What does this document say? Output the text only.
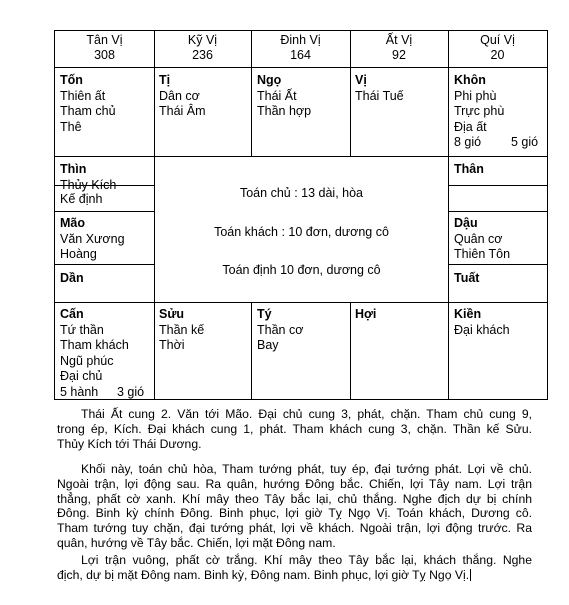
Tân Vị
308
Kỹ Vị
236
Đinh Vị
164
Ất Vị
92
Quí Vị
20
Tốn
Thiên ất
Tham chủ
Thê
Tị
Dân cơ
Thái Âm
Ngọ
Thái Ất
Thần hợp
Vị
Thái Tuế
Khôn
Phi phù
Trực phù
Địa ất
8 gió 5 gió
Thìn
Thủy Kích
Kế định
Mão
Văn Xương
Hoàng
Dần
Thân
Dậu
Quân cơ
Thiên Tôn
Tuất
Toán chủ : 13 dài, hòa
Toán khách : 10 đơn, dương cô
Toán định 10 đơn, dương cô
Cấn
Tứ thần
Tham khách
Ngũ phúc
Đại chủ
5 hành 3 gió
Sửu
Thần kế
Thời
Tý
Thần cơ
Bay
Hợi	Kiền
Đại khách

Thái Ất cung 2. Văn tới Mão. Đại chủ cung 3, phát, chặn. Tham chủ cung 9,

trong ép, Kích. Đại khách cung 1, phát. Tham khách cung 3, chặn. Thần kế Sửu.

Thủy Kích tới Thái Dương.

Khối này, toán chủ hòa, Tham tướng phát, tuy ép, đại tướng phát. Lợi về chủ.

Ngoài trận, lợi động sau. Ra quân, hướng Đông bắc. Chiến, lợi Tây nam. Lợi trận

thẳng, phất cờ xanh. Khí mây theo Tây bắc lại, chủ thắng. Nghe địch dự bị chính

Đông. Binh kỳ chính Đông. Binh phục, lợi giờ Tỵ Ngọ Vị. Toán khách, Dương cô.

Tham tướng tuy chặn, đại tướng phát, lợi về khách. Ngoài trận, lợi động trước. Ra

quân, hướng về Tây bắc. Chiến, lợi mặt Đông nam.

Lợi trận vuông, phất cờ trắng. Khí mây theo Tây bắc lại, khách thắng. Nghe

địch, dự bị mặt Đông nam. Binh kỳ, Đông nam. Binh phục, lợi giờ Tỵ Ngọ Vị.
